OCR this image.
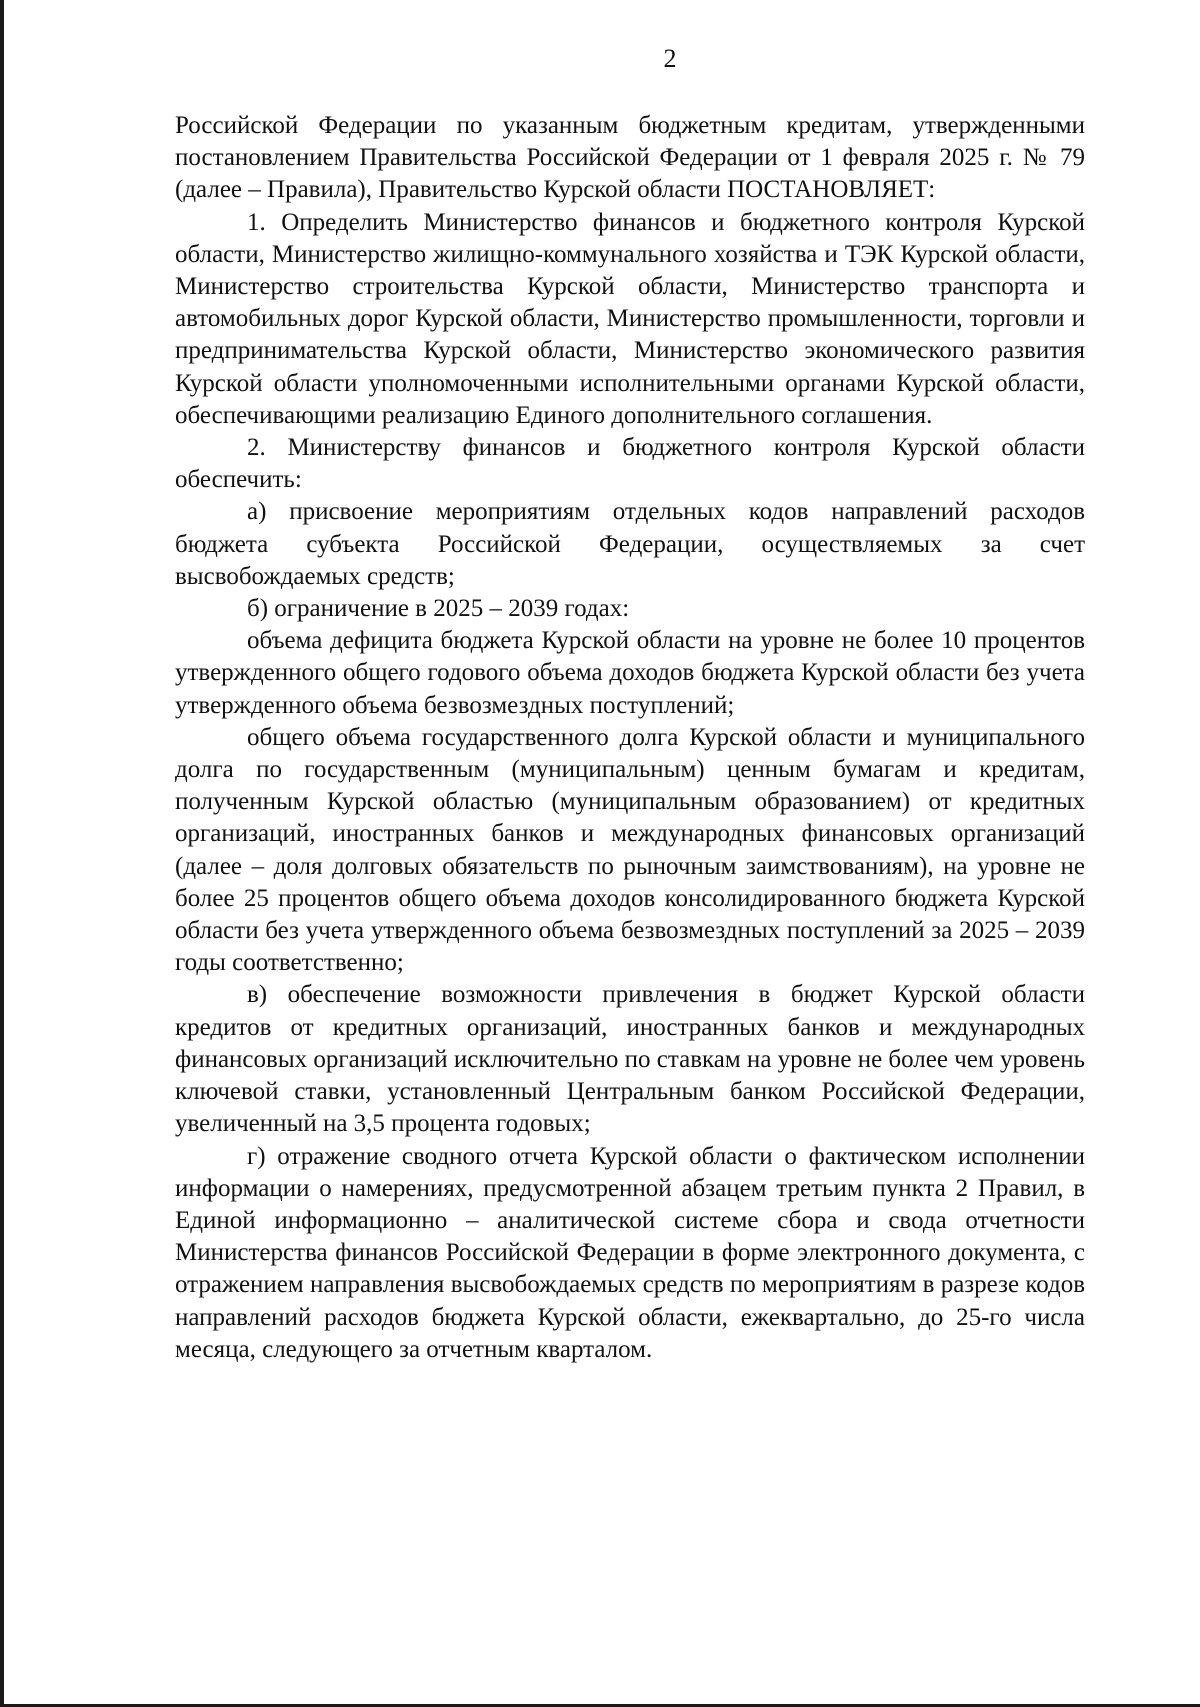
2

Российской Федерации по указанным бюджетным кредитам, утвержденными постановлением Правительства Российской Федерации от 1 февраля 2025 г. № 79 (далее – Правила), Правительство Курской области ПОСТАНОВЛЯЕТ:

1. Определить Министерство финансов и бюджетного контроля Курской области, Министерство жилищно-коммунального хозяйства и ТЭК Курской области, Министерство строительства Курской области, Министерство транспорта и автомобильных дорог Курской области, Министерство промышленности, торговли и предпринимательства Курской области, Министерство экономического развития Курской области уполномоченными исполнительными органами Курской области, обеспечивающими реализацию Единого дополнительного соглашения.

2. Министерству финансов и бюджетного контроля Курской области обеспечить:

а) присвоение мероприятиям отдельных кодов направлений расходов бюджета субъекта Российской Федерации, осуществляемых за счет высвобождаемых средств;

б) ограничение в 2025 – 2039 годах:

объема дефицита бюджета Курской области на уровне не более 10 процентов утвержденного общего годового объема доходов бюджета Курской области без учета утвержденного объема безвозмездных поступлений;

общего объема государственного долга Курской области и муниципального долга по государственным (муниципальным) ценным бумагам и кредитам, полученным Курской областью (муниципальным образованием) от кредитных организаций, иностранных банков и международных финансовых организаций (далее – доля долговых обязательств по рыночным заимствованиям), на уровне не более 25 процентов общего объема доходов консолидированного бюджета Курской области без учета утвержденного объема безвозмездных поступлений за 2025 – 2039 годы соответственно;

в) обеспечение возможности привлечения в бюджет Курской области кредитов от кредитных организаций, иностранных банков и международных финансовых организаций исключительно по ставкам на уровне не более чем уровень ключевой ставки, установленный Центральным банком Российской Федерации, увеличенный на 3,5 процента годовых;

г) отражение сводного отчета Курской области о фактическом исполнении информации о намерениях, предусмотренной абзацем третьим пункта 2 Правил, в Единой информационно – аналитической системе сбора и свода отчетности Министерства финансов Российской Федерации в форме электронного документа, с отражением направления высвобождаемых средств по мероприятиям в разрезе кодов направлений расходов бюджета Курской области, ежеквартально, до 25-го числа месяца, следующего за отчетным кварталом.
